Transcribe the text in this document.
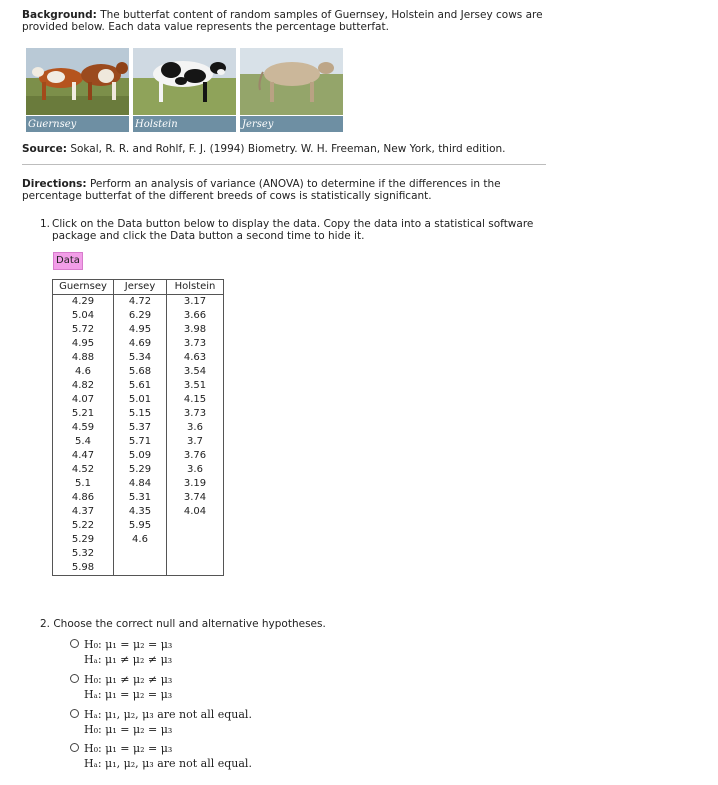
Background: The butterfat content of random samples of Guernsey, Holstein and Jersey cows are provided below. Each data value represents the percentage butterfat.
Guernsey	Holstein	Jersey
Source: Sokal, R. R. and Rohlf, F. J. (1994) Biometry. W. H. Freeman, New York, third edition.
Directions: Perform an analysis of variance (ANOVA) to determine if the differences in the percentage butterfat of the different breeds of cows is statistically significant.
1. Click on the Data button below to display the data. Copy the data into a statistical software package and click the Data button a second time to hide it.
Data
Guernsey	Jersey	Holstein
4.29	4.72	3.17
5.04	6.29	3.66
5.72	4.95	3.98
4.95	4.69	3.73
4.88	5.34	4.63
4.6	5.68	3.54
4.82	5.61	3.51
4.07	5.01	4.15
5.21	5.15	3.73
4.59	5.37	3.6
5.4	5.71	3.7
4.47	5.09	3.76
4.52	5.29	3.6
5.1	4.84	3.19
4.86	5.31	3.74
4.37	4.35	4.04
5.22	5.95	
5.29	4.6	
5.32		
5.98		
2. Choose the correct null and alternative hypotheses.
H₀: μ₁ = μ₂ = μ₃
Hₐ: μ₁ ≠ μ₂ ≠ μ₃
H₀: μ₁ ≠ μ₂ ≠ μ₃
Hₐ: μ₁ = μ₂ = μ₃
Hₐ: μ₁, μ₂, μ₃ are not all equal.
H₀: μ₁ = μ₂ = μ₃
H₀: μ₁ = μ₂ = μ₃
Hₐ: μ₁, μ₂, μ₃ are not all equal.
